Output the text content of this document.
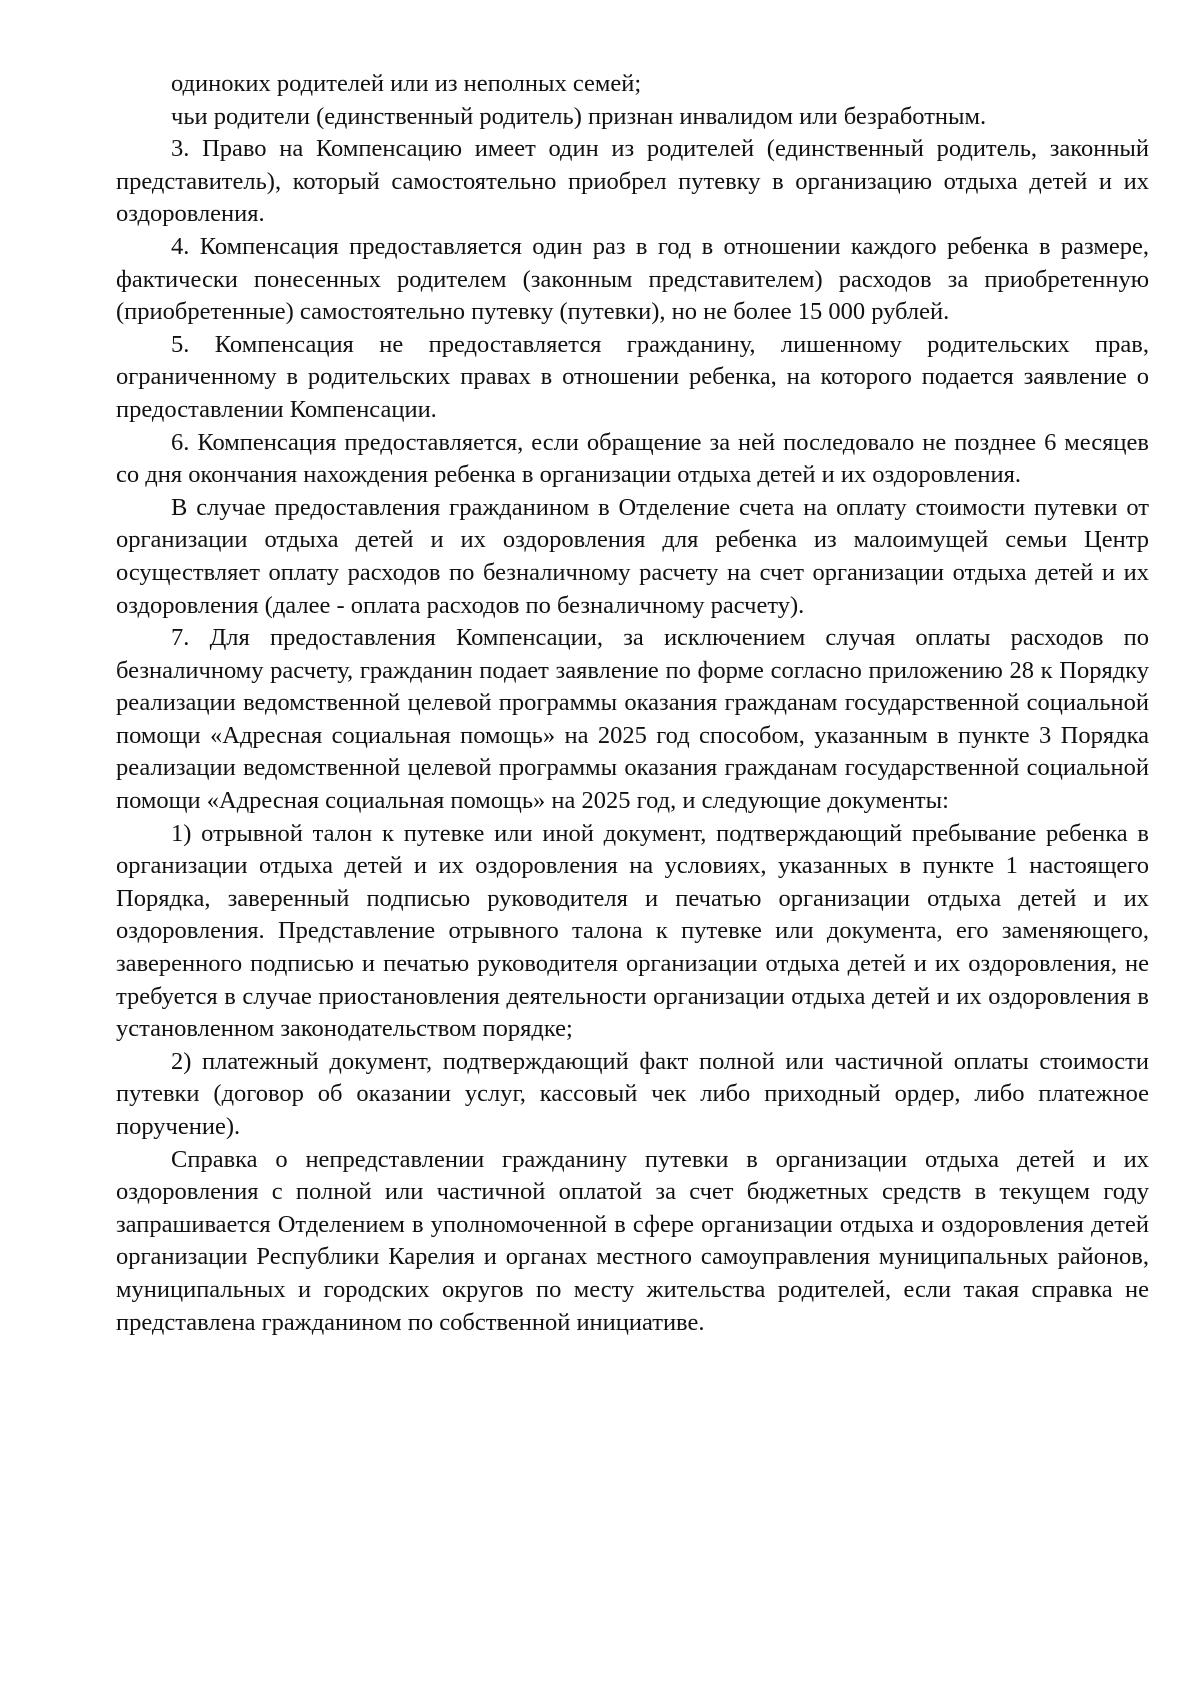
одиноких родителей или из неполных семей;

чьи родители (единственный родитель) признан инвалидом или безработным.

3. Право на Компенсацию имеет один из родителей (единственный родитель, законный представитель), который самостоятельно приобрел путевку в организацию отдыха детей и их оздоровления.

4. Компенсация предоставляется один раз в год в отношении каждого ребенка в размере, фактически понесенных родителем (законным представителем) расходов за приобретенную (приобретенные) самостоятельно путевку (путевки), но не более 15 000 рублей.

5. Компенсация не предоставляется гражданину, лишенному родительских прав, ограниченному в родительских правах в отношении ребенка, на которого подается заявление о предоставлении Компенсации.

6. Компенсация предоставляется, если обращение за ней последовало не позднее 6 месяцев со дня окончания нахождения ребенка в организации отдыха детей и их оздоровления.

В случае предоставления гражданином в Отделение счета на оплату стоимости путевки от организации отдыха детей и их оздоровления для ребенка из малоимущей семьи Центр осуществляет оплату расходов по безналичному расчету на счет организации отдыха детей и их оздоровления (далее - оплата расходов по безналичному расчету).

7. Для предоставления Компенсации, за исключением случая оплаты расходов по безналичному расчету, гражданин подает заявление по форме согласно приложению 28 к Порядку реализации ведомственной целевой программы оказания гражданам государственной социальной помощи «Адресная социальная помощь» на 2025 год способом, указанным в пункте 3 Порядка реализации ведомственной целевой программы оказания гражданам государственной социальной помощи «Адресная социальная помощь» на 2025 год, и следующие документы:

1) отрывной талон к путевке или иной документ, подтверждающий пребывание ребенка в организации отдыха детей и их оздоровления на условиях, указанных в пункте 1 настоящего Порядка, заверенный подписью руководителя и печатью организации отдыха детей и их оздоровления. Представление отрывного талона к путевке или документа, его заменяющего, заверенного подписью и печатью руководителя организации отдыха детей и их оздоровления, не требуется в случае приостановления деятельности организации отдыха детей и их оздоровления в установленном законодательством порядке;

2) платежный документ, подтверждающий факт полной или частичной оплаты стоимости путевки (договор об оказании услуг, кассовый чек либо приходный ордер, либо платежное поручение).

Справка о непредставлении гражданину путевки в организации отдыха детей и их оздоровления с полной или частичной оплатой за счет бюджетных средств в текущем году запрашивается Отделением в уполномоченной в сфере организации отдыха и оздоровления детей организации Республики Карелия и органах местного самоуправления муниципальных районов, муниципальных и городских округов по месту жительства родителей, если такая справка не представлена гражданином по собственной инициативе.
